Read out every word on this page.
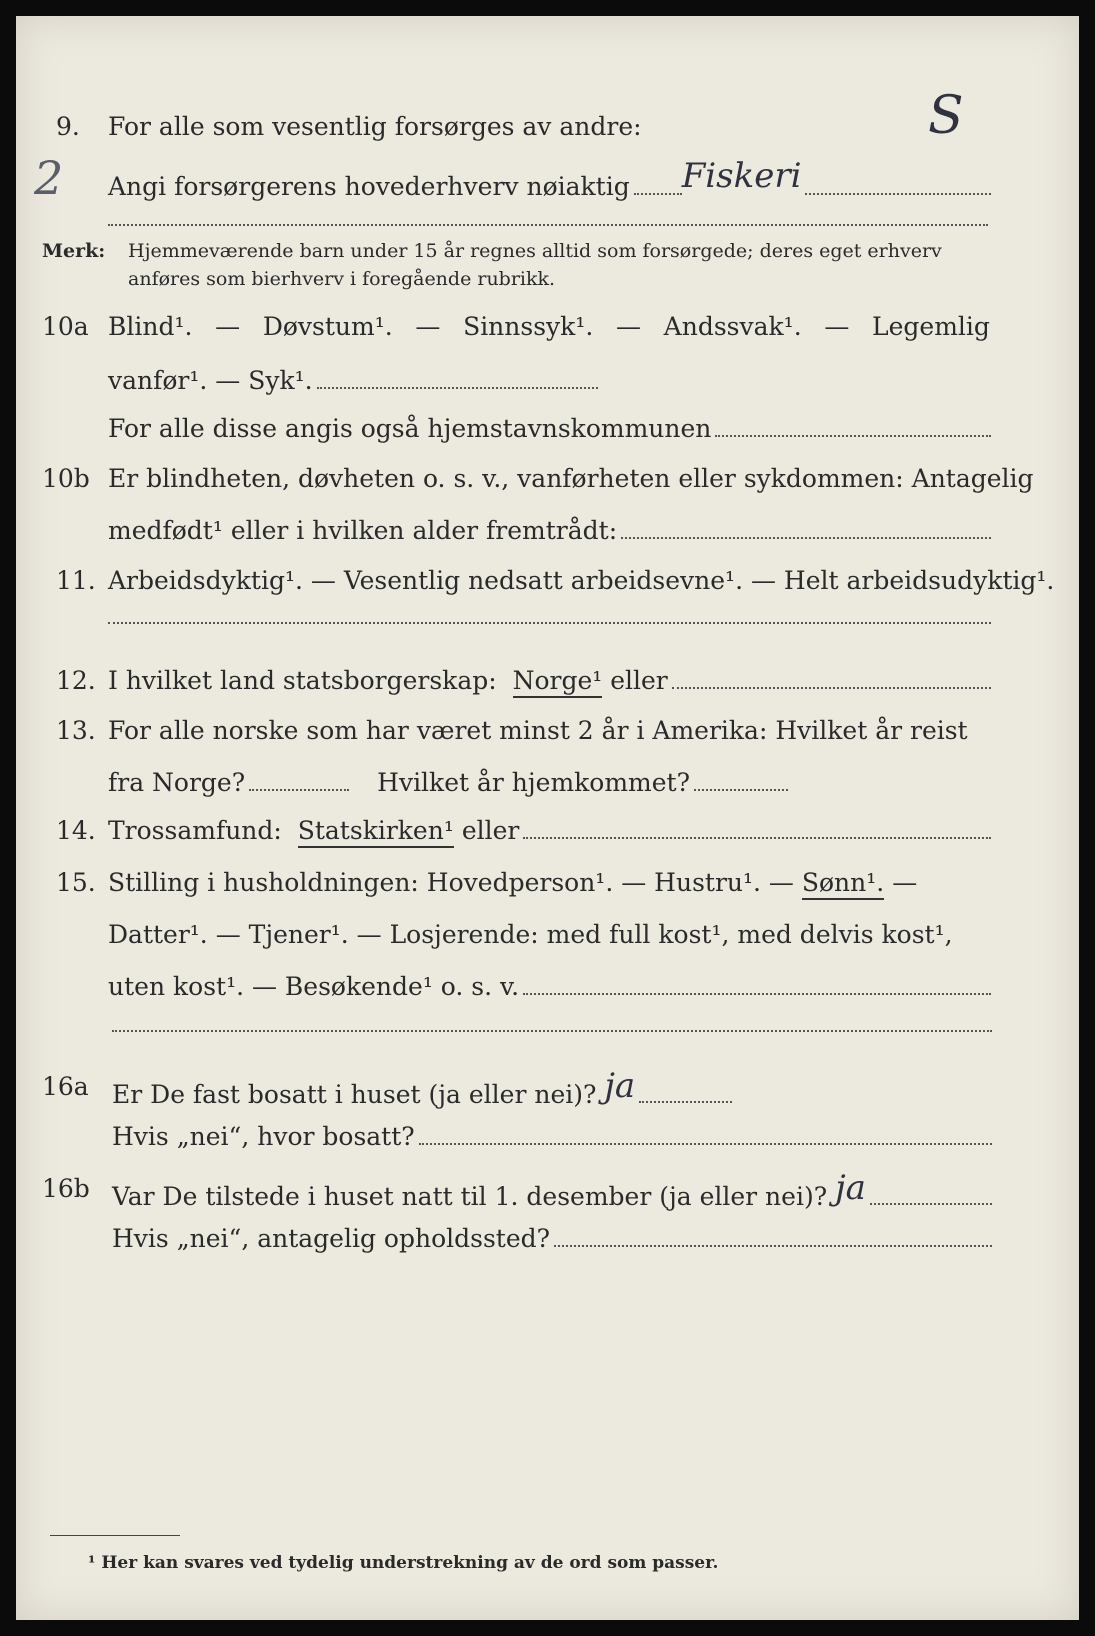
9. For alle som vesentlig forsørges av andre:
Angi forsørgerens hovederhverv nøiaktig Fiskeri
S
2
Merk: Hjemmeværende barn under 15 år regnes alltid som forsørgede; deres eget erhverv
anføres som bierhverv i foregående rubrikk.
10a Blind¹. — Døvstum¹. — Sinnssyk¹. — Andssvak¹. — Legemlig
vanfør¹. — Syk¹.
For alle disse angis også hjemstavnskommunen
10b Er blindheten, døvheten o. s. v., vanførheten eller sykdommen: Antagelig
medfødt¹ eller i hvilken alder fremtrådt:
11. Arbeidsdyktig¹. — Vesentlig nedsatt arbeidsevne¹. — Helt arbeidsudyktig¹.
12. I hvilket land statsborgerskap:
Norge¹
eller
13. For alle norske som har været minst 2 år i Amerika: Hvilket år reist
fra Norge?	Hvilket år hjemkommet?
14. Trossamfund:
Statskirken¹
eller
15. Stilling i husholdningen: Hovedperson¹. — Hustru¹. —
Sønn¹.
—
Datter¹. — Tjener¹. — Losjerende: med full kost¹, med delvis kost¹,
uten kost¹. — Besøkende¹ o. s. v.
16a Er De fast bosatt i huset (ja eller nei)? ja
Hvis „nei“, hvor bosatt?
16b Var De tilstede i huset natt til 1. desember (ja eller nei)? ja
Hvis „nei“, antagelig opholdssted?
¹ Her kan svares ved tydelig understrekning av de ord som passer.
